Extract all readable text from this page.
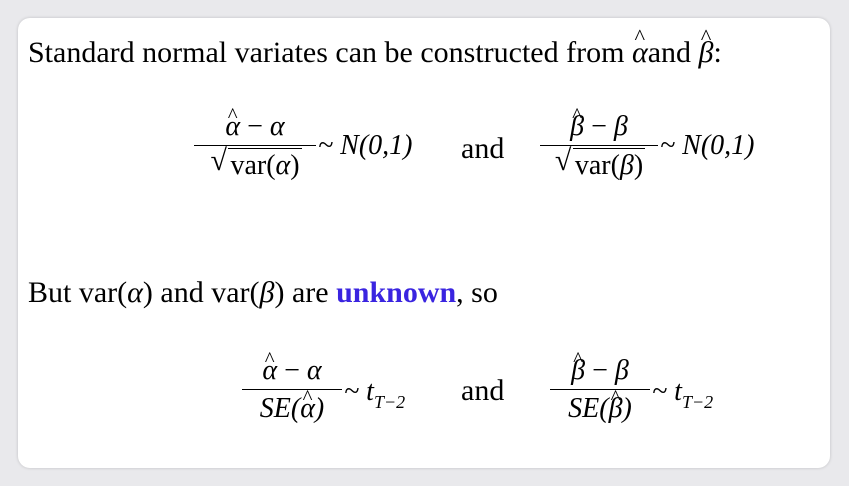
Standard normal variates can be constructed from ^ αand ^ β:
^ α − α
√ var(α)
~ N(0,1) and
^ β − β
√ var(β)
~ N(0,1)
But var(α) and var(β) are unknown, so
^ α − α
SE(^ α)
~ $t_{T-2}$ and
^ β − β
SE(^ β)
~ $t_{T-2}$
